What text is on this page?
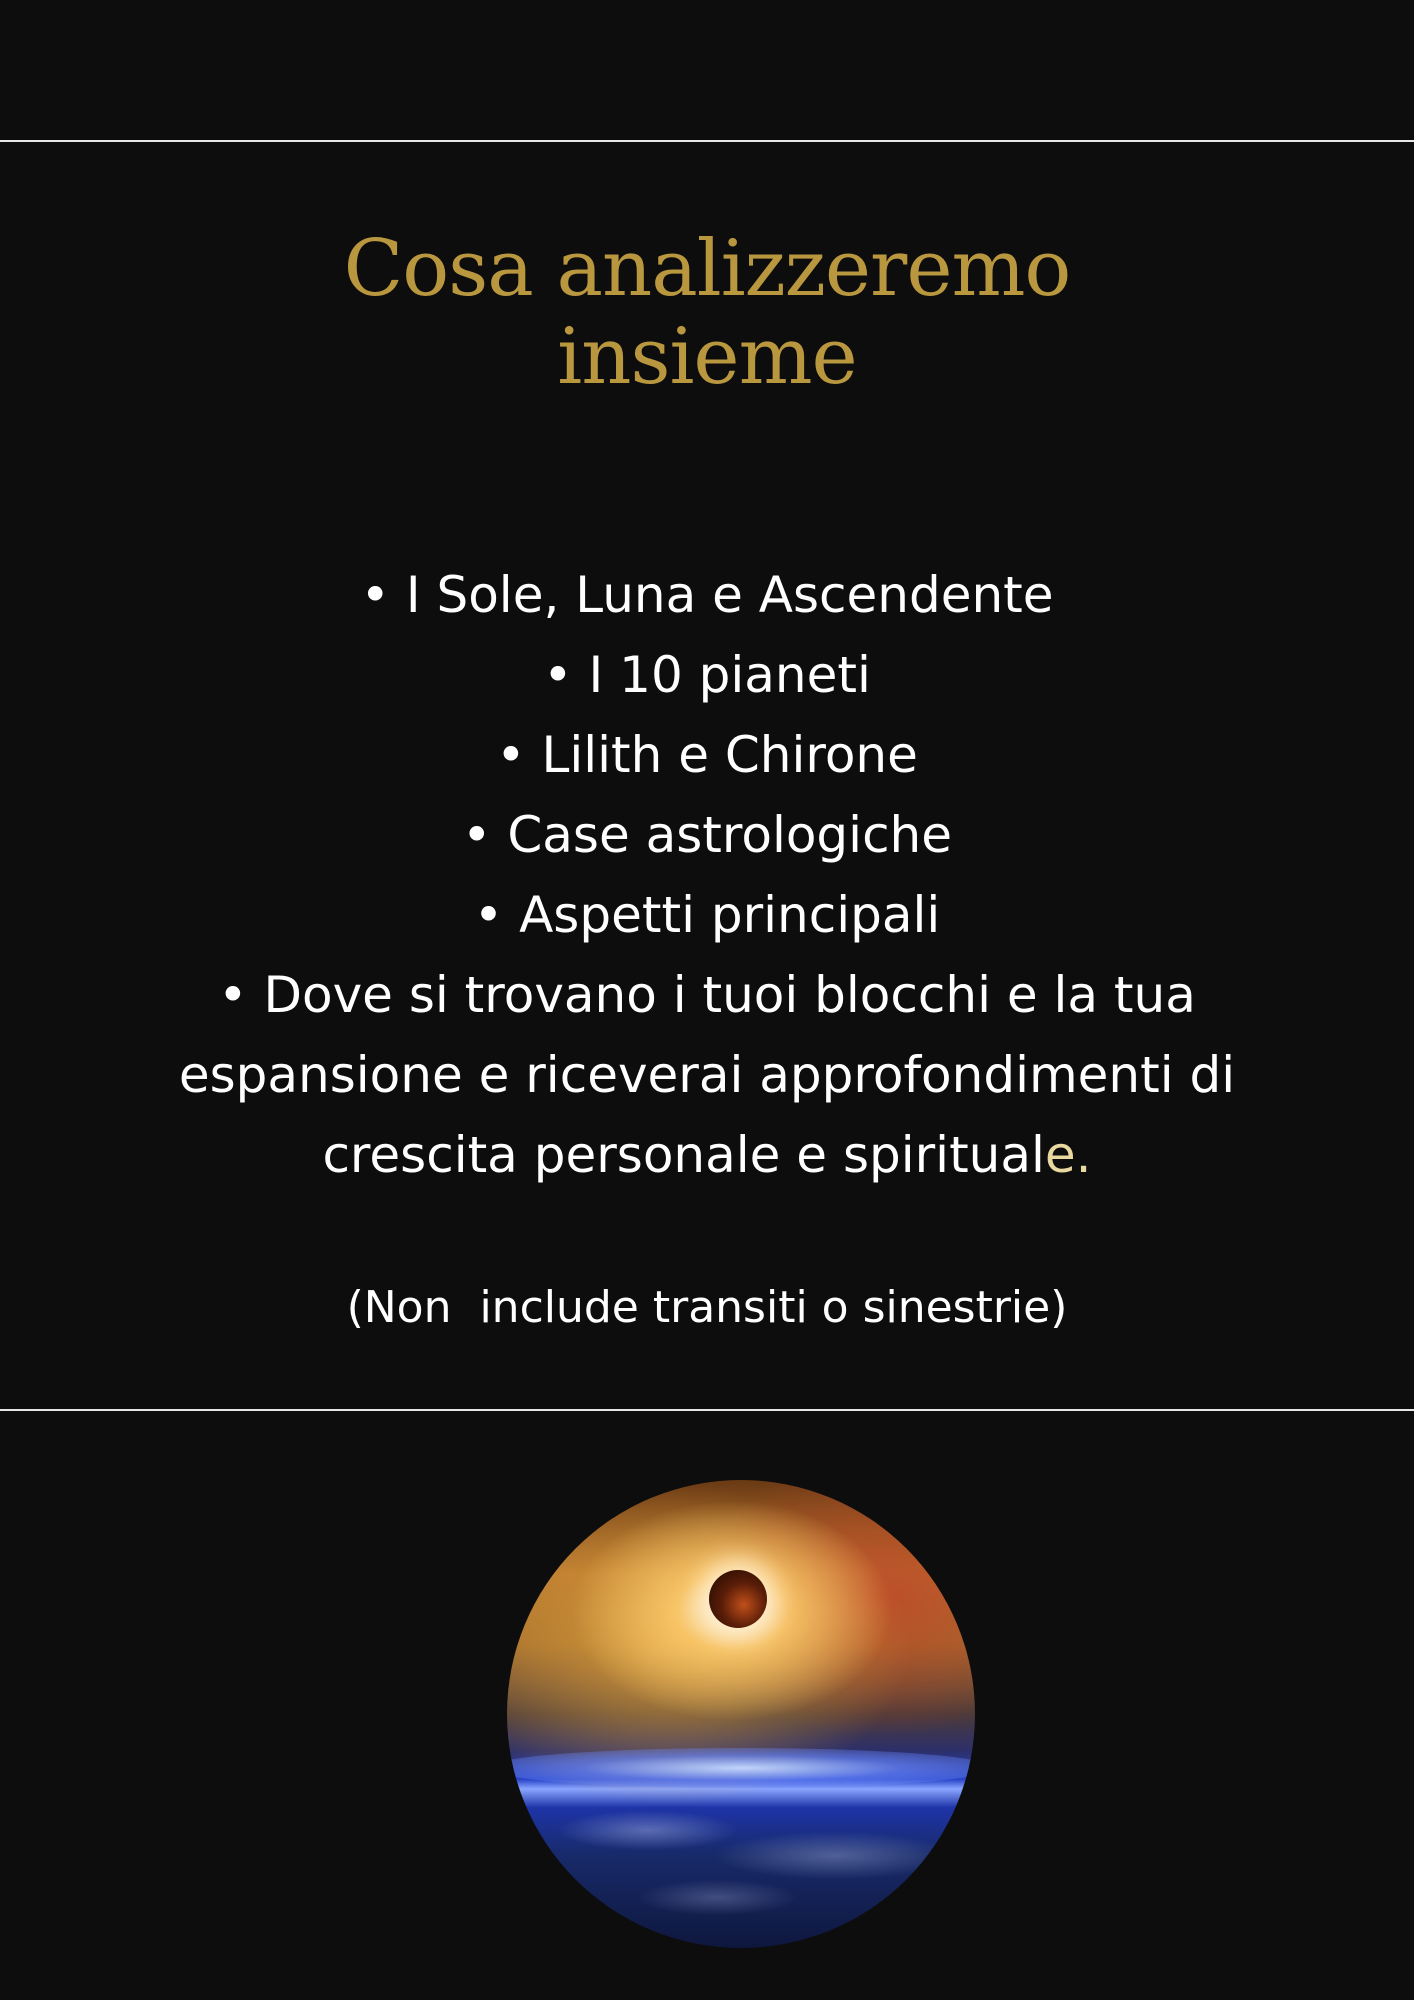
Cosa analizzeremo
insieme
• I Sole, Luna e Ascendente
• I 10 pianeti
• Lilith e Chirone
• Case astrologiche
• Aspetti principali
• Dove si trovano i tuoi blocchi e la tua espansione e riceverai approfondimenti di crescita personale e spirituale.
(Non  include transiti o sinestrie)
